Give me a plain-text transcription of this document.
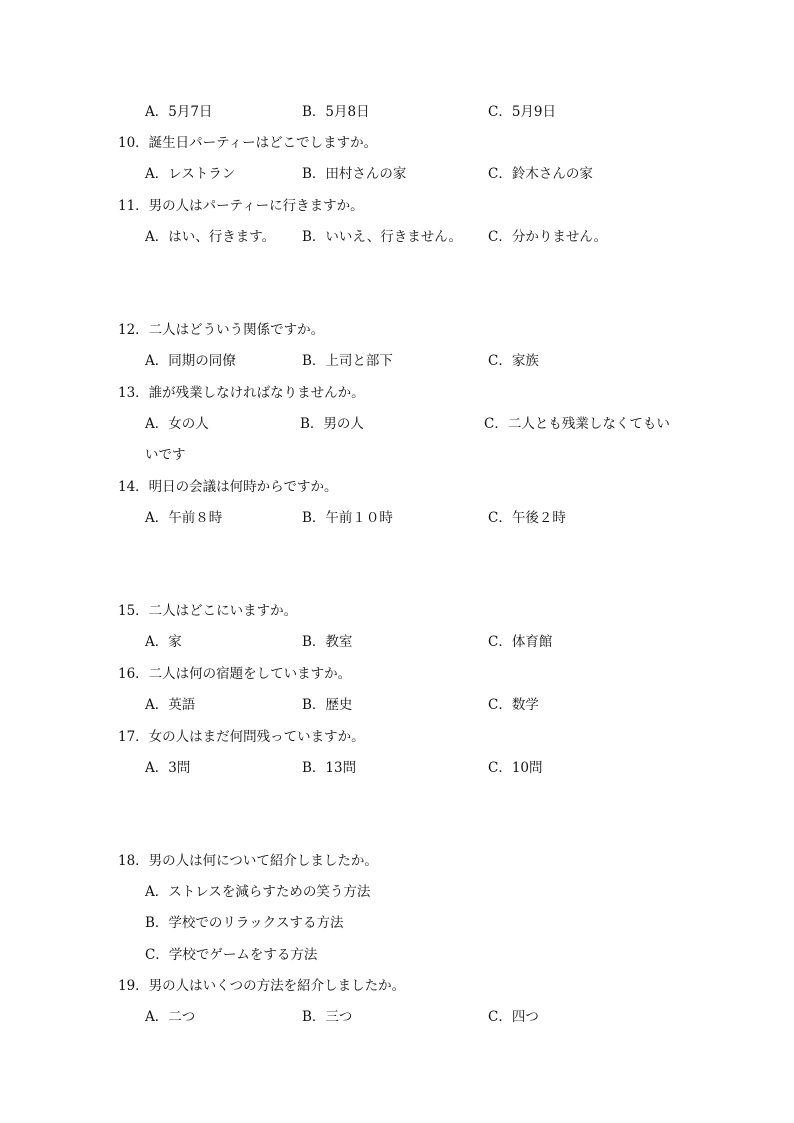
A．5月7日	B．5月8日	C．5月9日
10．誕生日パーティーはどこでしますか。
A．レストラン	B．田村さんの家	C．鈴木さんの家
11．男の人はパーティーに行きますか。
A．はい、行きます。 B．いいえ、行きません。 C．分かりません。
12．二人はどういう関係ですか。
A．同期の同僚	B．上司と部下	C．家族
13．誰が残業しなければなりませんか。
A．女の人	B．男の人	C．二人とも残業しなくてもい
いです
14．明日の会議は何時からですか。
A．午前８時	B．午前１０時	C．午後２時
15．二人はどこにいますか。
A．家	B．教室	C．体育館
16．二人は何の宿題をしていますか。
A．英語	B．歴史	C．数学
17．女の人はまだ何問残っていますか。
A．3問	B．13問	C．10問
18．男の人は何について紹介しましたか。
A．ストレスを減らすための笑う方法
B．学校でのリラックスする方法
C．学校でゲームをする方法
19．男の人はいくつの方法を紹介しましたか。
A．二つ	B．三つ	C．四つ
